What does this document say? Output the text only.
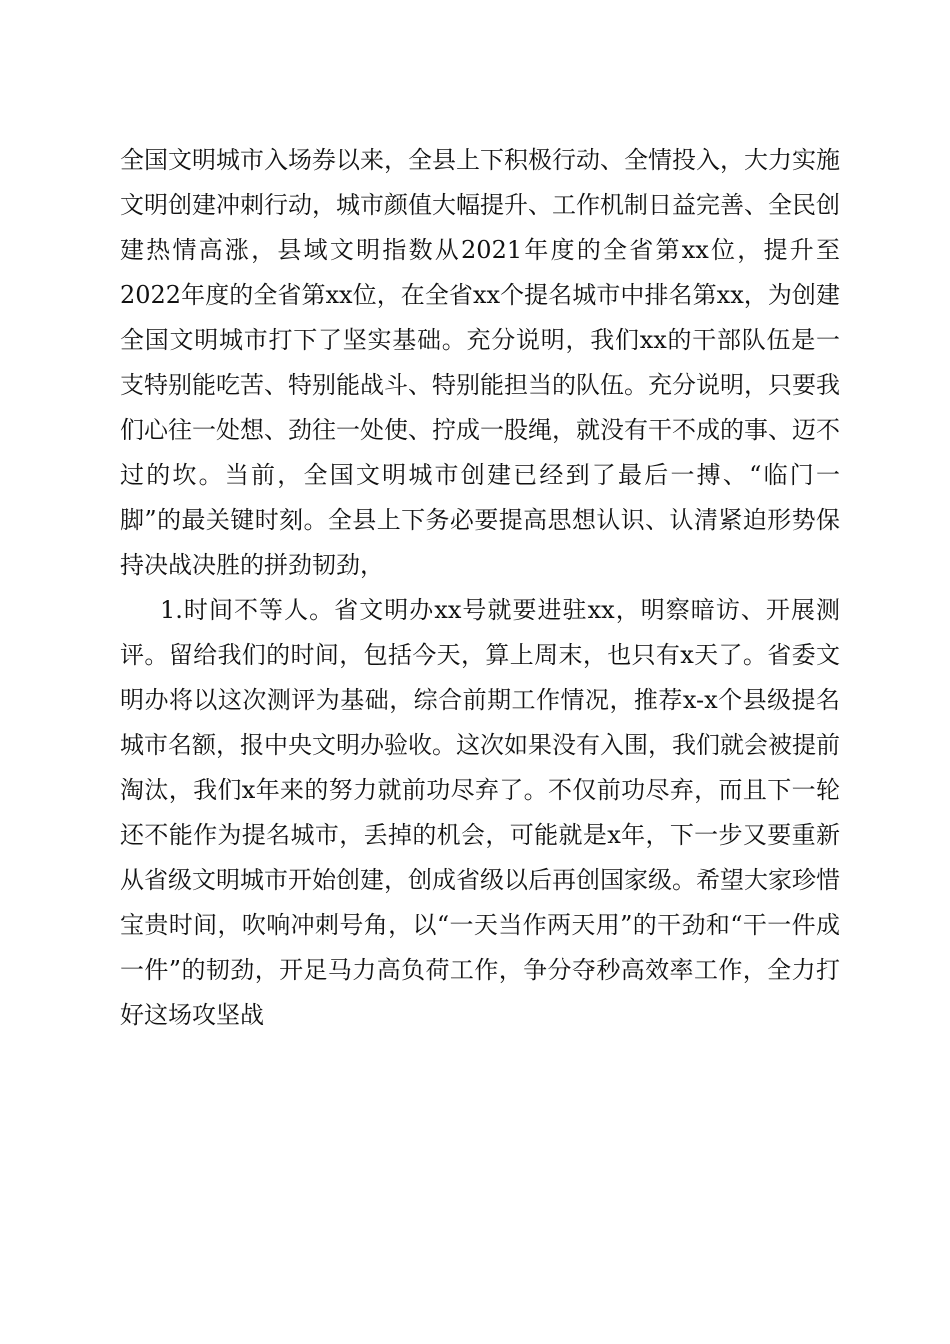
全国文明城市入场券以来，全县上下积极行动、全情投入，大力实施文明创建冲刺行动，城市颜值大幅提升、工作机制日益完善、全民创建热情高涨，县域文明指数从2021年度的全省第xx位，提升至2022年度的全省第xx位，在全省xx个提名城市中排名第xx，为创建全国文明城市打下了坚实基础。充分说明，我们xx的干部队伍是一支特别能吃苦、特别能战斗、特别能担当的队伍。充分说明，只要我们心往一处想、劲往一处使、拧成一股绳，就没有干不成的事、迈不过的坎。当前，全国文明城市创建已经到了最后一搏、“临门一脚”的最关键时刻。全县上下务必要提高思想认识、认清紧迫形势保持决战决胜的拼劲韧劲，

1.时间不等人。省文明办xx号就要进驻xx，明察暗访、开展测评。留给我们的时间，包括今天，算上周末，也只有x天了。省委文明办将以这次测评为基础，综合前期工作情况，推荐x-x个县级提名城市名额，报中央文明办验收。这次如果没有入围，我们就会被提前淘汰，我们x年来的努力就前功尽弃了。不仅前功尽弃，而且下一轮还不能作为提名城市，丢掉的机会，可能就是x年，下一步又要重新从省级文明城市开始创建，创成省级以后再创国家级。希望大家珍惜宝贵时间，吹响冲刺号角，以“一天当作两天用”的干劲和“干一件成一件”的韧劲，开足马力高负荷工作，争分夺秒高效率工作，全力打好这场攻坚战
